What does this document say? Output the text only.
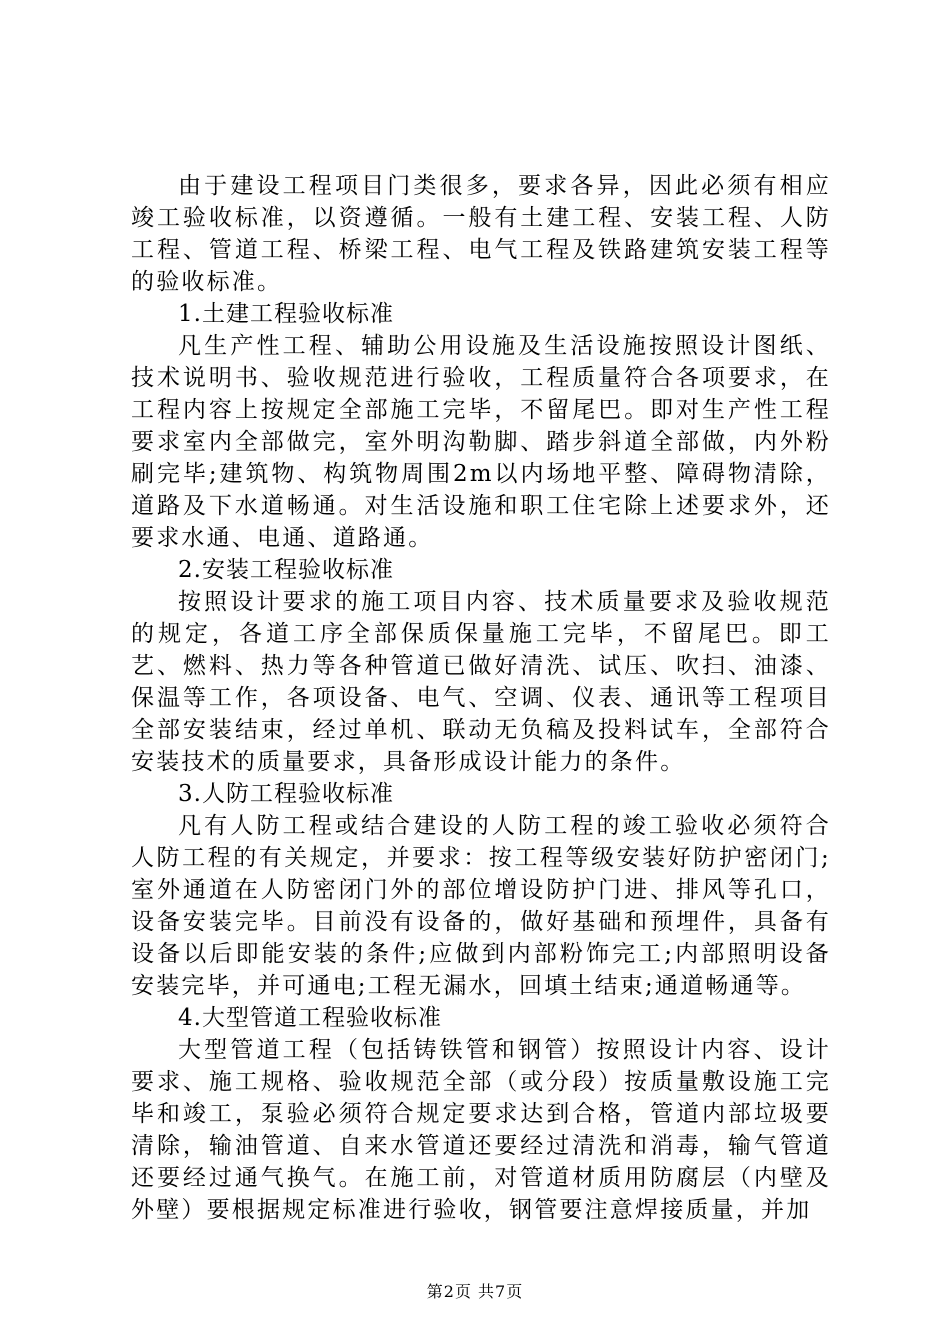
由于建设工程项目门类很多，要求各异，因此必须有相应竣工验收标准，以资遵循。一般有土建工程、安装工程、人防工程、管道工程、桥梁工程、电气工程及铁路建筑安装工程等的验收标准。

1.土建工程验收标准

凡生产性工程、辅助公用设施及生活设施按照设计图纸、技术说明书、验收规范进行验收，工程质量符合各项要求，在工程内容上按规定全部施工完毕，不留尾巴。即对生产性工程要求室内全部做完，室外明沟勒脚、踏步斜道全部做，内外粉刷完毕;建筑物、构筑物周围2m以内场地平整、障碍物清除，道路及下水道畅通。对生活设施和职工住宅除上述要求外，还要求水通、电通、道路通。

2.安装工程验收标准

按照设计要求的施工项目内容、技术质量要求及验收规范的规定，各道工序全部保质保量施工完毕，不留尾巴。即工艺、燃料、热力等各种管道已做好清洗、试压、吹扫、油漆、保温等工作，各项设备、电气、空调、仪表、通讯等工程项目全部安装结束，经过单机、联动无负稿及投料试车，全部符合安装技术的质量要求，具备形成设计能力的条件。

3.人防工程验收标准

凡有人防工程或结合建设的人防工程的竣工验收必须符合人防工程的有关规定，并要求：按工程等级安装好防护密闭门;室外通道在人防密闭门外的部位增设防护门进、排风等孔口，设备安装完毕。目前没有设备的，做好基础和预埋件，具备有设备以后即能安装的条件;应做到内部粉饰完工;内部照明设备安装完毕，并可通电;工程无漏水，回填土结束;通道畅通等。

4.大型管道工程验收标准

大型管道工程（包括铸铁管和钢管）按照设计内容、设计要求、施工规格、验收规范全部（或分段）按质量敷设施工完毕和竣工，泵验必须符合规定要求达到合格，管道内部垃圾要清除，输油管道、自来水管道还要经过清洗和消毒，输气管道还要经过通气换气。在施工前，对管道材质用防腐层（内壁及外壁）要根据规定标准进行验收，钢管要注意焊接质量，并加

第2页 共7页
